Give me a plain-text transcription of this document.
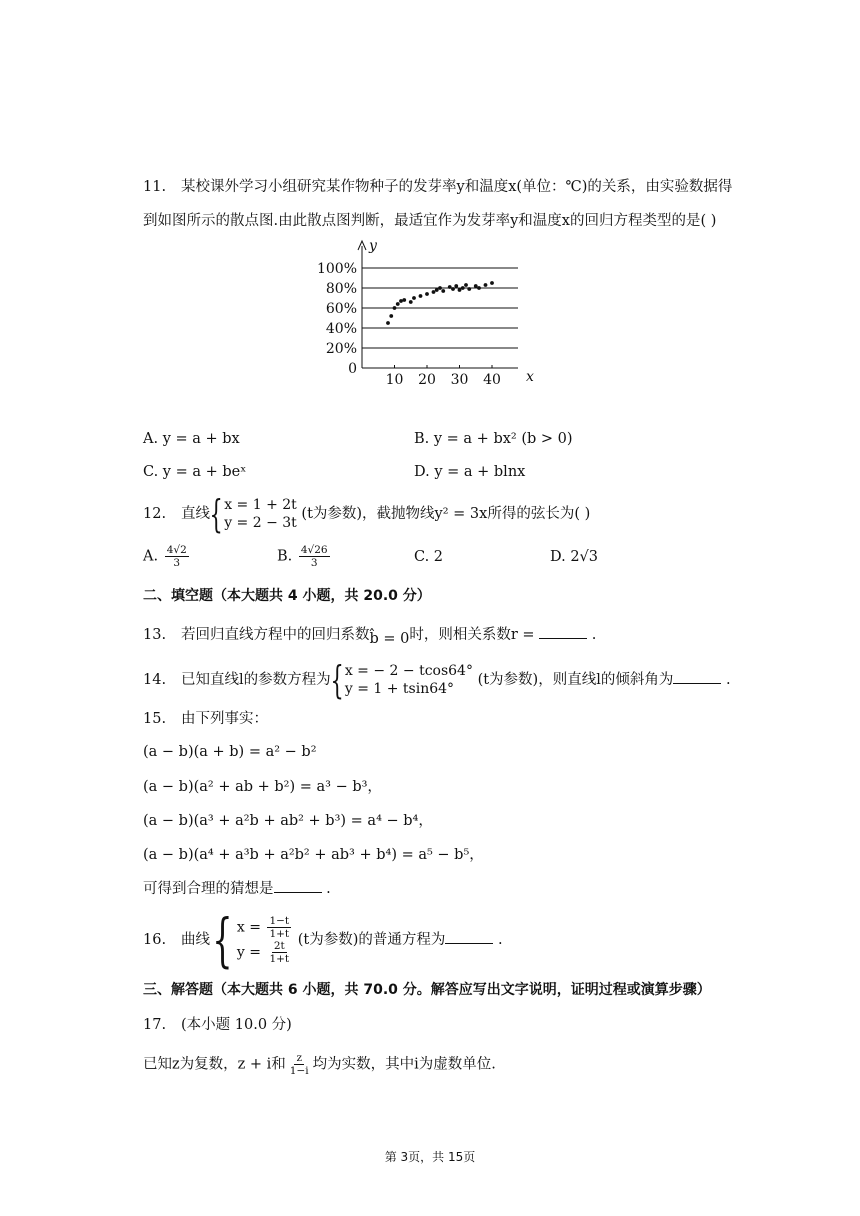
11. 某校课外学习小组研究某作物种子的发芽率y和温度x(单位：℃)的关系，由实验数据得
到如图所示的散点图.由此散点图判断，最适宜作为发芽率y和温度x的回归方程类型的是( )
0
20%
40%
60%
80%
100%
10 20 30 40
y
x
A. y = a + bx	B. y = a + bx² (b > 0)
C. y = a + beˣ	D. y = a + blnx
12. 直线{ x = 1 + 2t
y = 2 − 3t
(t为参数)，截抛物线y² = 3x所得的弦长为( )
A. $\frac{4√2}{3}$	B. $\frac{4√26}{3}$	C. 2	D. 2√3
二、填空题（本大题共 4 小题，共 20.0 分）
13. 若回归直线方程中的回归系数b̂ = 0时，则相关系数r =	.
14. 已知直线l的参数方程为{ x = − 2 − tcos64°
y = 1 + tsin64°
(t为参数)，则直线l的倾斜角为	.
15. 由下列事实：
(a − b)(a + b) = a² − b²
(a − b)(a² + ab + b²) = a³ − b³，
(a − b)(a³ + a²b + ab² + b³) = a⁴ − b⁴，
(a − b)(a⁴ + a³b + a²b² + ab³ + b⁴) = a⁵ − b⁵，
可得到合理的猜想是	.
16. 曲线{ $x = \frac{1-t}{1+t}$
$y = \frac{2t}{1+t} (t$为参数)的普通方程为	.
三、解答题（本大题共 6 小题，共 70.0 分。解答应写出文字说明，证明过程或演算步骤）
17. (本小题 10.0 分)
已知z为复数，z + i和 $\frac{z}{1-i}$ 均为实数，其中i为虚数单位.
第 3页，共 15页
